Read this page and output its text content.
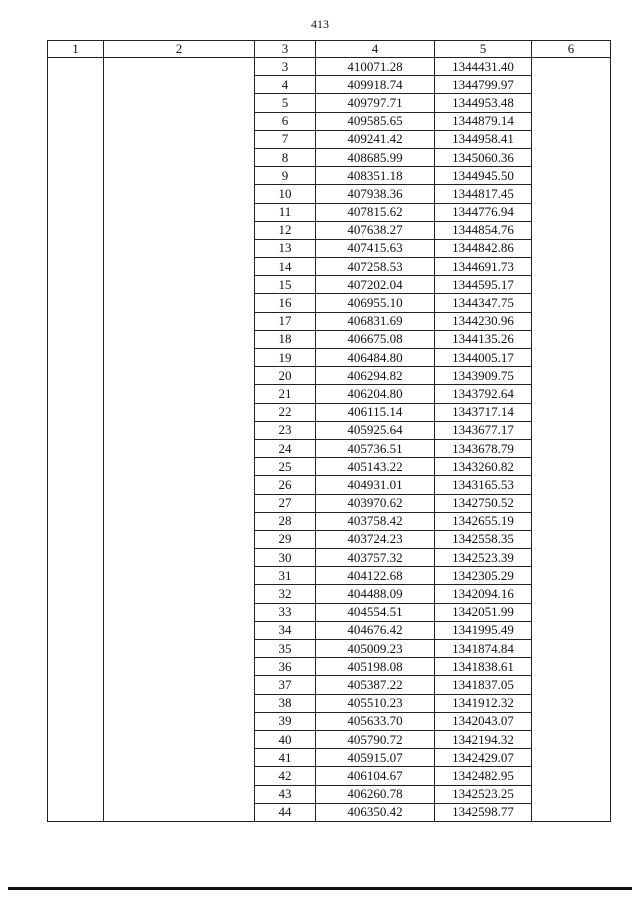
413
1	2	3	4	5	6
		3	410071.28	1344431.40	
		4	409918.74	1344799.97	
		5	409797.71	1344953.48	
		6	409585.65	1344879.14	
		7	409241.42	1344958.41	
		8	408685.99	1345060.36	
		9	408351.18	1344945.50	
		10	407938.36	1344817.45	
		11	407815.62	1344776.94	
		12	407638.27	1344854.76	
		13	407415.63	1344842.86	
		14	407258.53	1344691.73	
		15	407202.04	1344595.17	
		16	406955.10	1344347.75	
		17	406831.69	1344230.96	
		18	406675.08	1344135.26	
		19	406484.80	1344005.17	
		20	406294.82	1343909.75	
		21	406204.80	1343792.64	
		22	406115.14	1343717.14	
		23	405925.64	1343677.17	
		24	405736.51	1343678.79	
		25	405143.22	1343260.82	
		26	404931.01	1343165.53	
		27	403970.62	1342750.52	
		28	403758.42	1342655.19	
		29	403724.23	1342558.35	
		30	403757.32	1342523.39	
		31	404122.68	1342305.29	
		32	404488.09	1342094.16	
		33	404554.51	1342051.99	
		34	404676.42	1341995.49	
		35	405009.23	1341874.84	
		36	405198.08	1341838.61	
		37	405387.22	1341837.05	
		38	405510.23	1341912.32	
		39	405633.70	1342043.07	
		40	405790.72	1342194.32	
		41	405915.07	1342429.07	
		42	406104.67	1342482.95	
		43	406260.78	1342523.25	
		44	406350.42	1342598.77	
